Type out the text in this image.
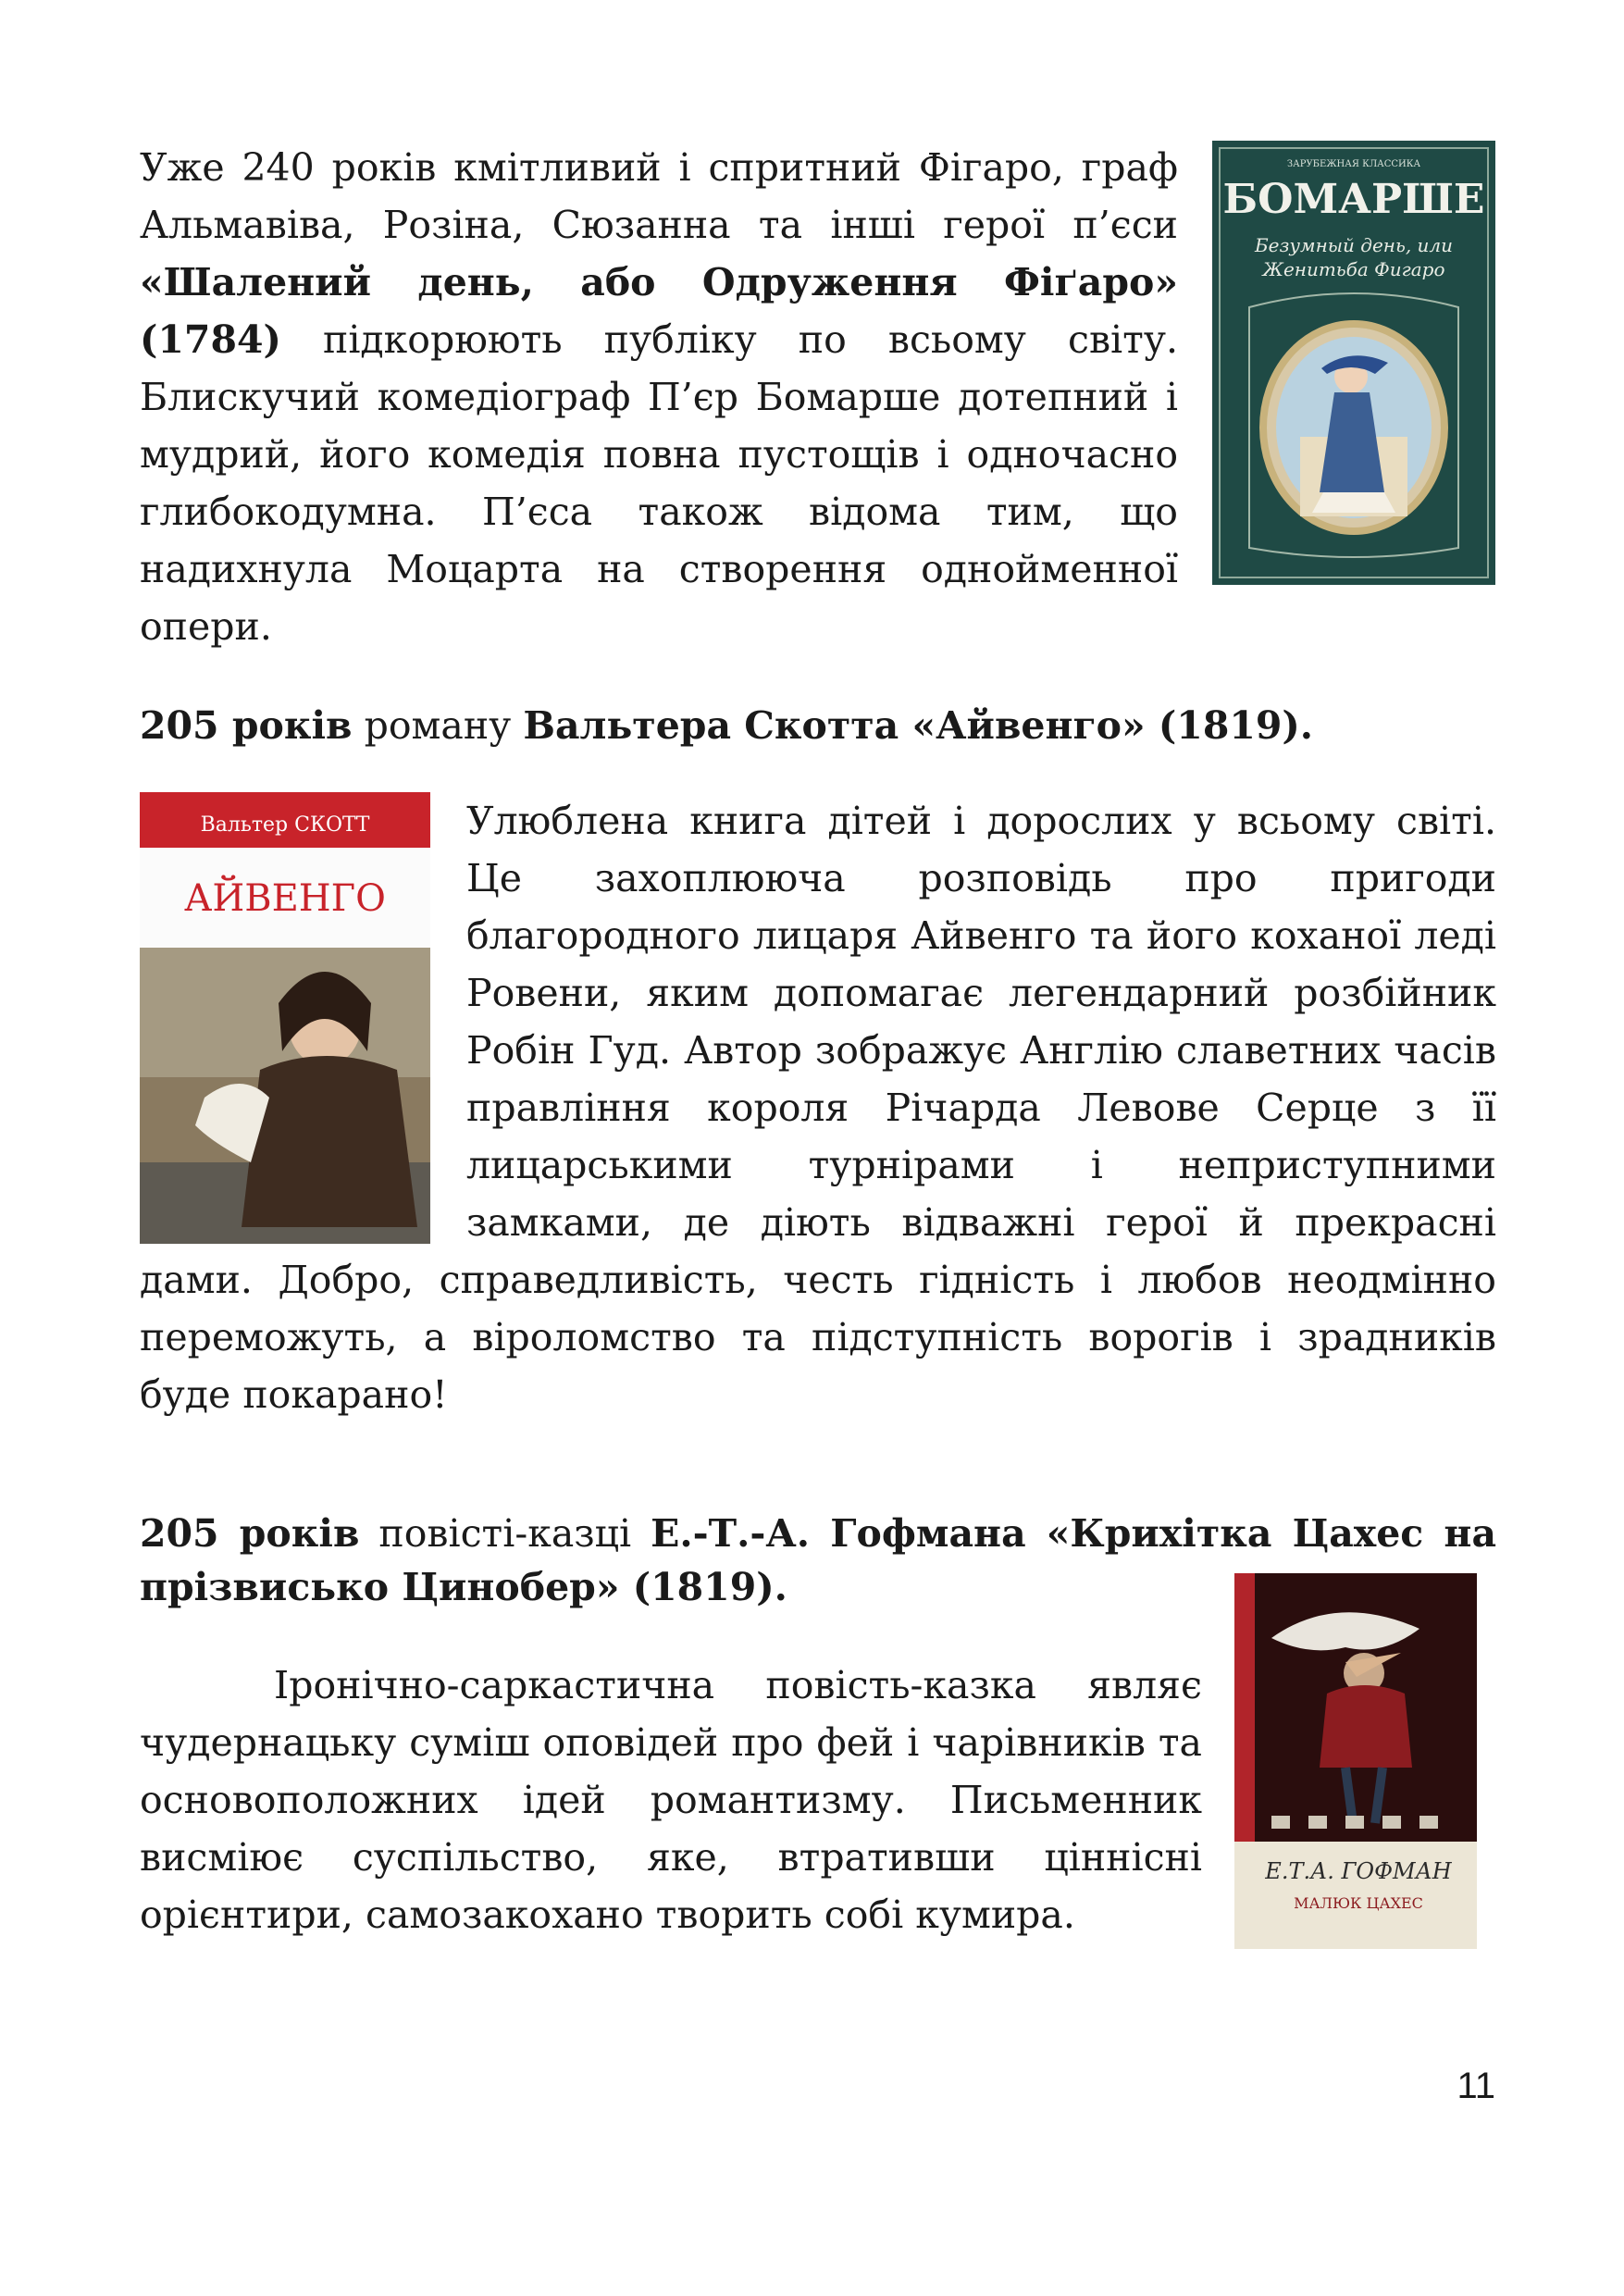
Уже 240 років кмітливий і спритний Фігаро, граф Альмавіва, Розіна, Сюзанна та інші герої п’єси «Шалений день, або Одруження Фіґаро» (1784) підкорюють публіку по всьому світу. Блискучий комедіограф П’єр Бомарше дотепний і мудрий, його комедія повна пустощів і одночасно глибокодумна. П’єса також відома тим, що надихнула Моцарта на створення однойменної опери.
ЗАРУБЕЖНАЯ КЛАССИКА
БОМАРШЕ
Безумный день, или
Женитьба Фигаро
205 років роману Вальтера Скотта «Айвенго» (1819).
Вальтер СКОТТ
АЙВЕНГО
Улюблена книга дітей і дорослих у всьому світі. Це захоплююча розповідь про пригоди благородного лицаря Айвенго та його коханої леді Ровени, яким допомагає легендарний розбійник Робін Гуд. Автор зображує Англію славетних часів правління короля Річарда Левове Серце з її лицарськими турнірами і неприступними замками, де діють відважні герої й прекрасні дами. Добро, справедливість, честь гідність і любов неодмінно переможуть, а віроломство та підступність ворогів і зрадників буде покарано!
205 років повісті-казці Е.-Т.-А. Гофмана «Крихітка Цахес на прізвисько Цинобер» (1819).
Іронічно-саркастична повість-казка являє чудернацьку суміш оповідей про фей і чарівників та основоположних ідей романтизму. Письменник висміює суспільство, яке, втративши ціннісні орієнтири, самозакохано творить собі кумира.
Е.Т.А. ГОФМАН
МАЛЮК ЦАХЕС
11
